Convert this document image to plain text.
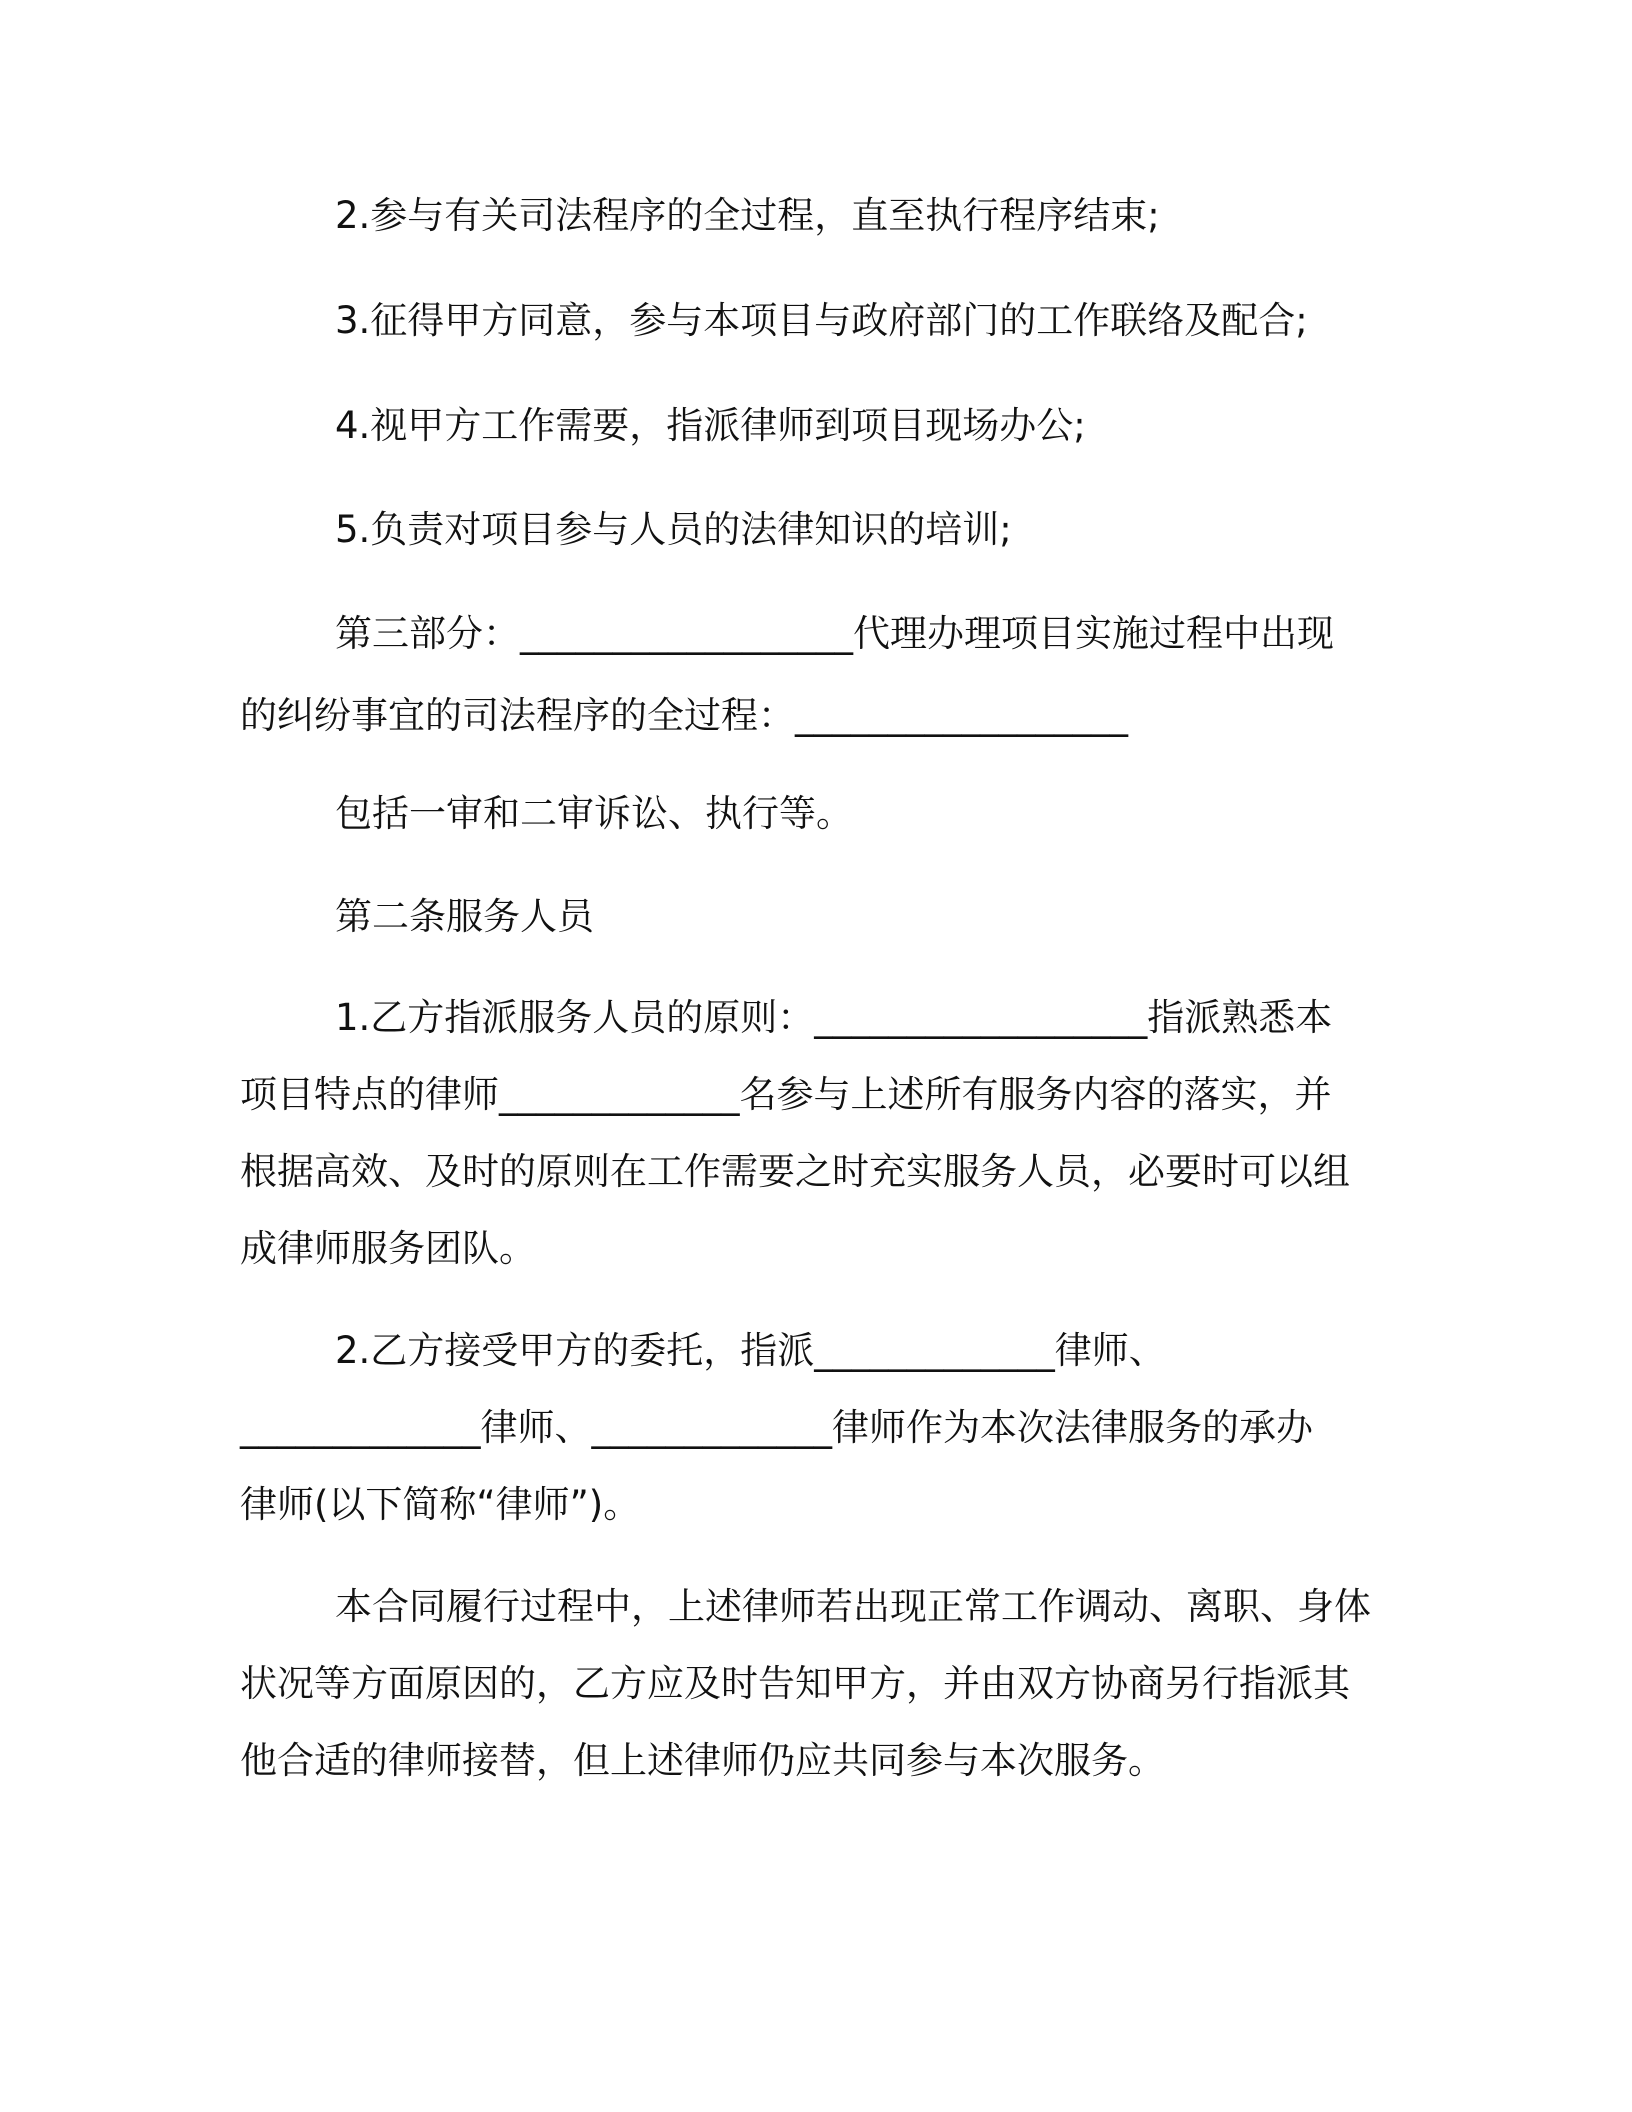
2.参与有关司法程序的全过程，直至执行程序结束;
3.征得甲方同意，参与本项目与政府部门的工作联络及配合;
4.视甲方工作需要，指派律师到项目现场办公;
5.负责对项目参与人员的法律知识的培训;
第三部分：__________________代理办理项目实施过程中出现
的纠纷事宜的司法程序的全过程：__________________
包括一审和二审诉讼、执行等。
第二条服务人员
1.乙方指派服务人员的原则：__________________指派熟悉本
项目特点的律师_____________名参与上述所有服务内容的落实，并
根据高效、及时的原则在工作需要之时充实服务人员，必要时可以组
成律师服务团队。
2.乙方接受甲方的委托，指派_____________律师、
_____________律师、_____________律师作为本次法律服务的承办
律师(以下简称“律师”)。
本合同履行过程中，上述律师若出现正常工作调动、离职、身体
状况等方面原因的，乙方应及时告知甲方，并由双方协商另行指派其
他合适的律师接替，但上述律师仍应共同参与本次服务。
